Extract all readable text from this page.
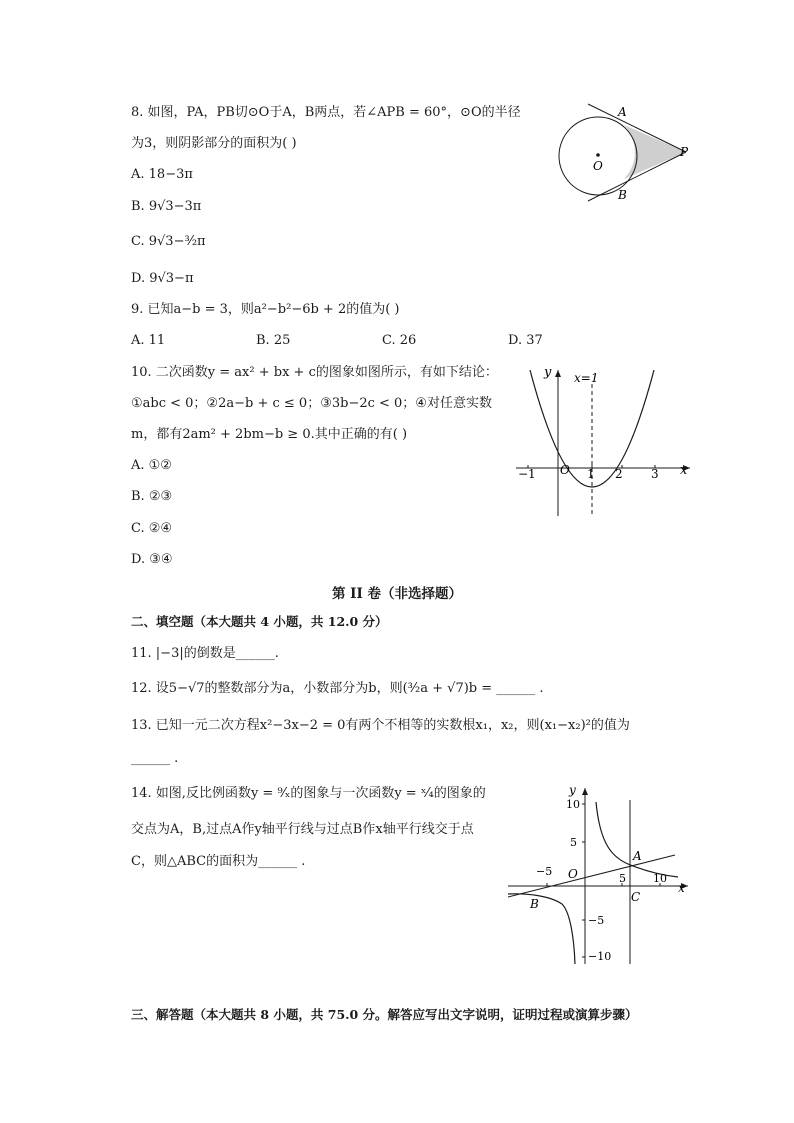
8. 如图，PA，PB切⊙O于A，B两点，若∠APB = 60°，⊙O的半径
为3，则阴影部分的面积为( )
A. 18−3π
B. 9√3−3π
C. 9√3−³⁄₂π
D. 9√3−π
A
B
O
P
9. 已知a−b = 3，则a²−b²−6b + 2的值为( )
A. 11	B. 25	C. 26	D. 37
10. 二次函数y = ax² + bx + c的图象如图所示，有如下结论：
①abc < 0；②2a−b + c ≤ 0；③3b−2c < 0；④对任意实数
m，都有2am² + 2bm−b ≥ 0.其中正确的有( )
A. ①②
B. ②③
C. ②④
D. ③④
y x=1
x
O
−1	1 2 3
第 II 卷（非选择题）
二、填空题（本大题共 4 小题，共 12.0 分）
11. |−3|的倒数是______.
12. 设5−√7的整数部分为a，小数部分为b，则(³⁄₂a + √7)b = ______ .
13. 已知一元二次方程x²−3x−2 = 0有两个不相等的实数根x₁，x₂，则(x₁−x₂)²的值为
______ .
14. 如图,反比例函数y = ⁹⁄ₓ的图象与一次函数y = ˣ⁄₄的图象的
交点为A，B,过点A作y轴平行线与过点B作x轴平行线交于点
C，则△ABC的面积为______ .
y
x
O
A
B	C
10
5
−5
−10
5 10
−5
三、解答题（本大题共 8 小题，共 75.0 分。解答应写出文字说明，证明过程或演算步骤）
